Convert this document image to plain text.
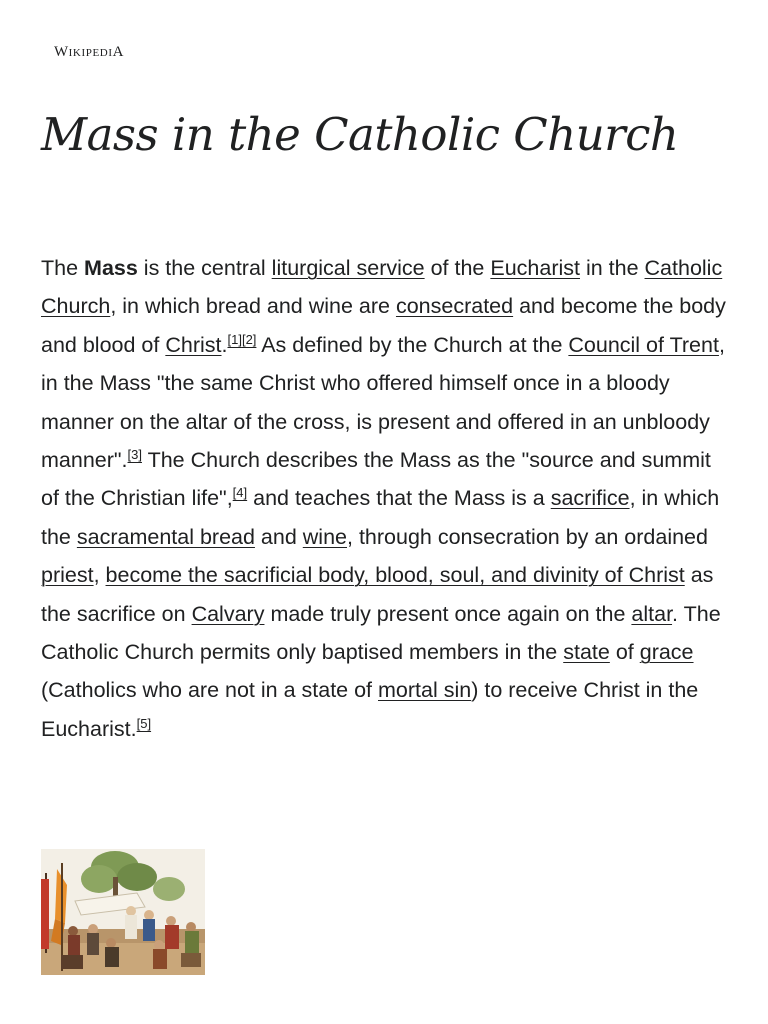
WIKIPEDIA
Mass in the Catholic Church

The Mass is the central liturgical service of the Eucharist in the Catholic Church, in which bread and wine are consecrated and become the body and blood of Christ.[1][2] As defined by the Church at the Council of Trent, in the Mass "the same Christ who offered himself once in a bloody manner on the altar of the cross, is present and offered in an unbloody manner".[3] The Church describes the Mass as the "source and summit of the Christian life",[4] and teaches that the Mass is a sacrifice, in which the sacramental bread and wine, through consecration by an ordained priest, become the sacrificial body, blood, soul, and divinity of Christ as the sacrifice on Calvary made truly present once again on the altar. The Catholic Church permits only baptised members in the state of grace (Catholics who are not in a state of mortal sin) to receive Christ in the Eucharist.[5]
